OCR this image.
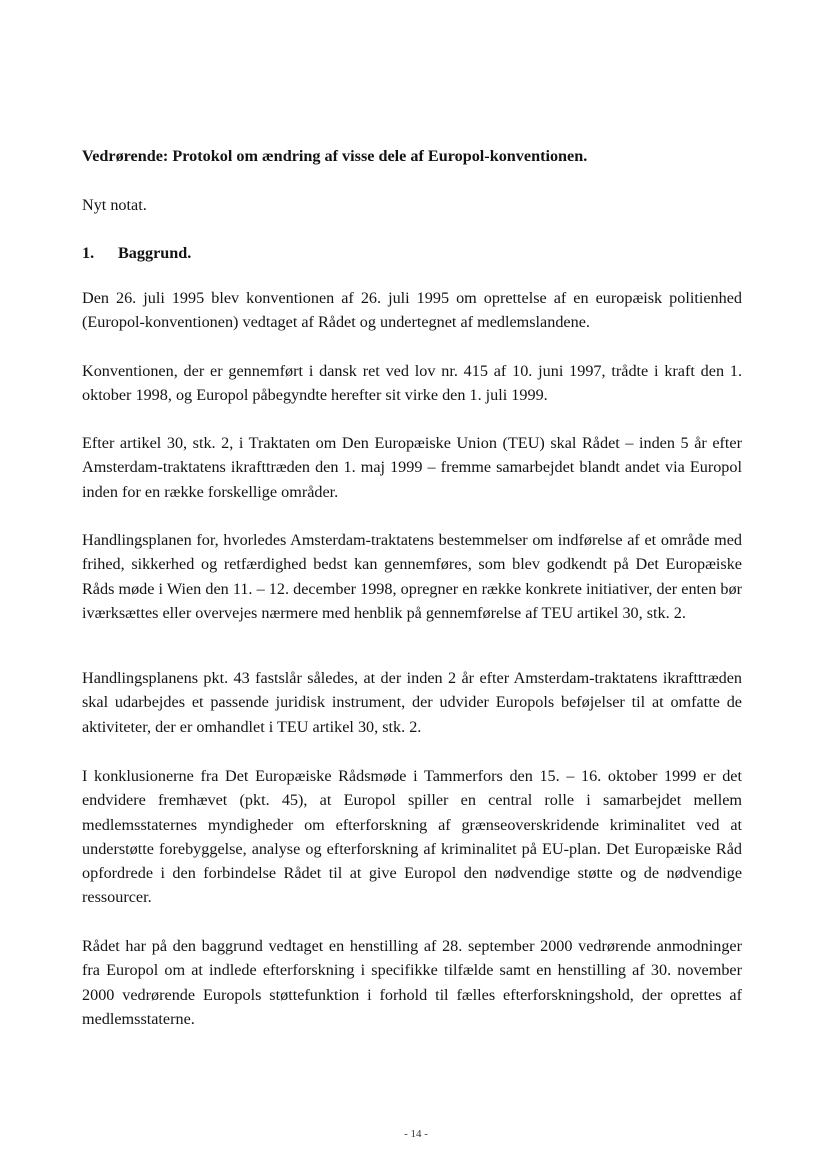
Vedrørende: Protokol om ændring af visse dele af Europol-konventionen.
Nyt notat.
1. Baggrund.

Den 26. juli 1995 blev konventionen af 26. juli 1995 om oprettelse af en europæisk politienhed (Europol-konventionen) vedtaget af Rådet og undertegnet af medlemslandene.

Konventionen, der er gennemført i dansk ret ved lov nr. 415 af 10. juni 1997, trådte i kraft den 1. oktober 1998, og Europol påbegyndte herefter sit virke den 1. juli 1999.

Efter artikel 30, stk. 2, i Traktaten om Den Europæiske Union (TEU) skal Rådet – inden 5 år efter Amsterdam-traktatens ikrafttræden den 1. maj 1999 – fremme samarbejdet blandt andet via Europol inden for en række forskellige områder.

Handlingsplanen for, hvorledes Amsterdam-traktatens bestemmelser om indførelse af et område med frihed, sikkerhed og retfærdighed bedst kan gennemføres, som blev godkendt på Det Europæiske Råds møde i Wien den 11. – 12. december 1998, opregner en række konkrete initiativer, der enten bør iværksættes eller overvejes nærmere med henblik på gennemførelse af TEU artikel 30, stk. 2.

Handlingsplanens pkt. 43 fastslår således, at der inden 2 år efter Amsterdam-traktatens ikrafttræden skal udarbejdes et passende juridisk instrument, der udvider Europols beføjelser til at omfatte de aktiviteter, der er omhandlet i TEU artikel 30, stk. 2.

I konklusionerne fra Det Europæiske Rådsmøde i Tammerfors den 15. – 16. oktober 1999 er det endvidere fremhævet (pkt. 45), at Europol spiller en central rolle i samarbejdet mellem medlemsstaternes myndigheder om efterforskning af grænseoverskridende kriminalitet ved at understøtte forebyggelse, analyse og efterforskning af kriminalitet på EU-plan. Det Europæiske Råd opfordrede i den forbindelse Rådet til at give Europol den nødvendige støtte og de nødvendige ressourcer.

Rådet har på den baggrund vedtaget en henstilling af 28. september 2000 vedrørende anmodninger fra Europol om at indlede efterforskning i specifikke tilfælde samt en henstilling af 30. november 2000 vedrørende Europols støttefunktion i forhold til fælles efterforskningshold, der oprettes af medlemsstaterne.

- 14 -
